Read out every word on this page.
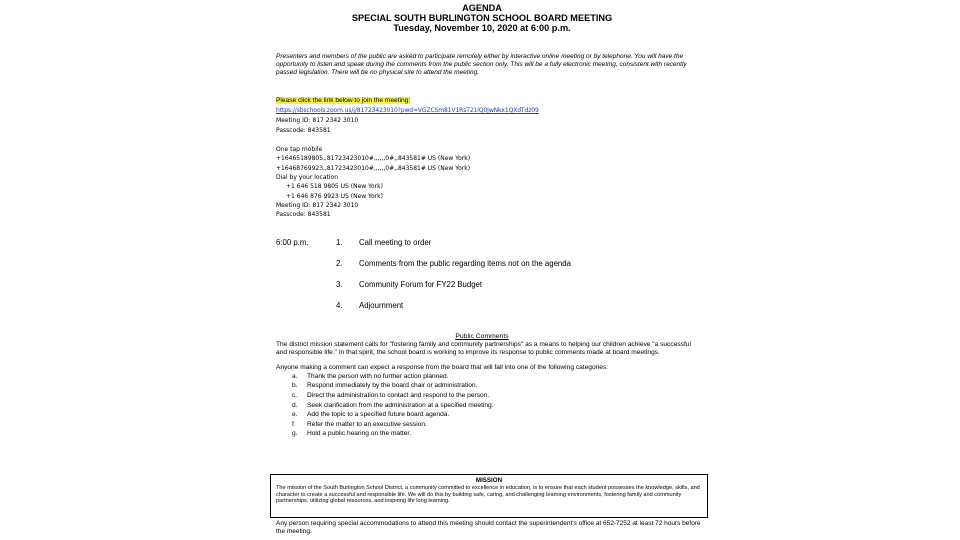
AGENDA
SPECIAL SOUTH BURLINGTON SCHOOL BOARD MEETING
Tuesday, November 10, 2020 at 6:00 p.m.
Presenters and members of the public are asked to participate remotely either by interactive online meeting or by telephone. You will have the opportunity to listen and speak during the comments from the public section only. This will be a fully electronic meeting, consistent with recently passed legislation. There will be no physical site to attend the meeting.
Please click the link below to join the meeting:
https://sbschools.zoom.us/j/81723423010?pwd=VGZCSm81V1RsT21lQ0JwNkx1QXdTdz09
Meeting ID: 817 2342 3010
Passcode: 843581
One tap mobile
+16465189805,,81723423010#,,,,,,0#,,843581# US (New York)
+16468769923,,81723423010#,,,,,,0#,,843581# US (New York)
Dial by your location
+1 646 518 9805 US (New York)
+1 646 876 9923 US (New York)
Meeting ID: 817 2342 3010
Passcode: 843581
6:00 p.m.	1. Call meeting to order
2. Comments from the public regarding items not on the agenda
3. Community Forum for FY22 Budget
4. Adjournment
Public Comments
The district mission statement calls for "fostering family and community partnerships" as a means to helping our children achieve "a successful and responsible life." In that spirit, the school board is working to improve its response to public comments made at board meetings.
Anyone making a comment can expect a response from the board that will fall into one of the following categories:
a. Thank the person with no further action planned.
b. Respond immediately by the board chair or administration.
c. Direct the administration to contact and respond to the person.
d. Seek clarification from the administration at a specified meeting.
e. Add the topic to a specified future board agenda.
f. Refer the matter to an executive session.
g. Hold a public hearing on the matter.
MISSION
The mission of the South Burlington School District, a community committed to excellence in education, is to ensure that each student possesses the knowledge, skills, and character to create a successful and responsible life. We will do this by building safe, caring, and challenging learning environments, fostering family and community partnerships, utilizing global resources, and inspiring life long learning.
Any person requiring special accommodations to attend this meeting should contact the superintendent's office at 652-7252 at least 72 hours before the meeting.
